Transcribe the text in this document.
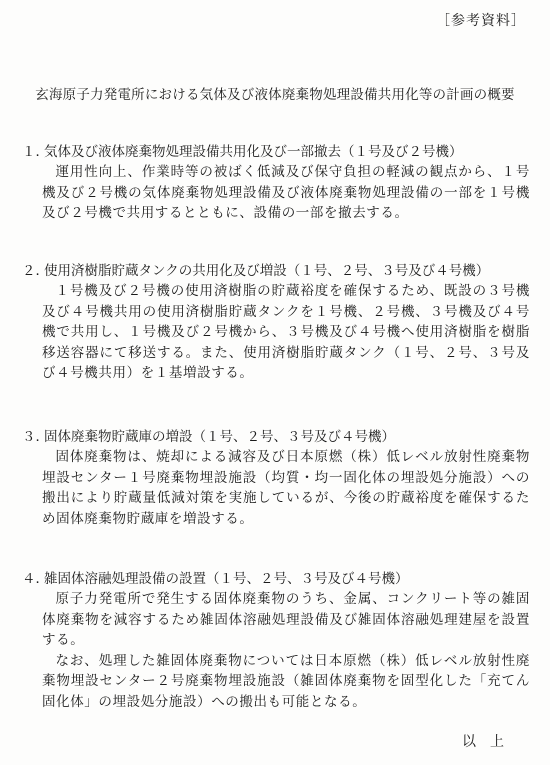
［参考資料］
玄海原子力発電所における気体及び液体廃棄物処理設備共用化等の計画の概要
１．気体及び液体廃棄物処理設備共用化及び一部撤去（１号及び２号機）

運用性向上、作業時等の被ばく低減及び保守負担の軽減の観点から、１号機及び２号機の気体廃棄物処理設備及び液体廃棄物処理設備の一部を１号機及び２号機で共用するとともに、設備の一部を撤去する。

２．使用済樹脂貯蔵タンクの共用化及び増設（１号、２号、３号及び４号機）

１号機及び２号機の使用済樹脂の貯蔵裕度を確保するため、既設の３号機及び４号機共用の使用済樹脂貯蔵タンクを１号機、２号機、３号機及び４号機で共用し、１号機及び２号機から、３号機及び４号機へ使用済樹脂を樹脂移送容器にて移送する。また、使用済樹脂貯蔵タンク（１号、２号、３号及び４号機共用）を１基増設する。

３．固体廃棄物貯蔵庫の増設（１号、２号、３号及び４号機）

固体廃棄物は、焼却による減容及び日本原燃（株）低レベル放射性廃棄物埋設センター１号廃棄物埋設施設（均質・均一固化体の埋設処分施設）への搬出により貯蔵量低減対策を実施しているが、今後の貯蔵裕度を確保するため固体廃棄物貯蔵庫を増設する。

４．雑固体溶融処理設備の設置（１号、２号、３号及び４号機）

原子力発電所で発生する固体廃棄物のうち、金属、コンクリート等の雑固体廃棄物を減容するため雑固体溶融処理設備及び雑固体溶融処理建屋を設置する。

なお、処理した雑固体廃棄物については日本原燃（株）低レベル放射性廃棄物埋設センター２号廃棄物埋設施設（雑固体廃棄物を固型化した「充てん固化体」の埋設処分施設）への搬出も可能となる。

以上
